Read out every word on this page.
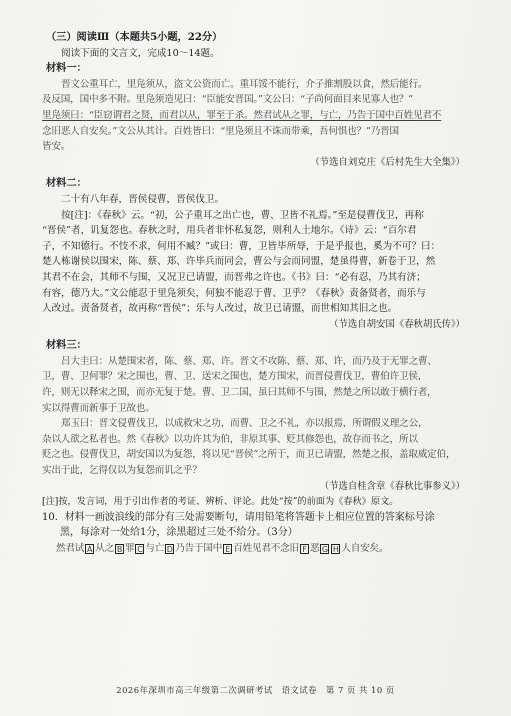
（三）阅读Ⅲ（本题共5小题，22分）
阅读下面的文言文，完成10～14题。
材料一：
晋文公重耳亡，里凫须从，盗文公资而亡。重耳馁不能行，介子推割股以食，然后能行。
及反国，国中多不附。里凫须造见曰：“臣能安晋国。”文公曰：“子尚何面目来见寡人也？”
里凫须曰：“臣窃谓君之贤，而君以从，罪至于杀。然君试从之罪，与亡，乃告于国中百姓见君不
念旧恶人自安矣。”文公从其计。百姓皆曰：“里凫须且不诛而带乘，吾何惧也？”乃晋国
皆安。
（节选自刘克庄《后村先生大全集》）
材料二：
二十有八年春，晋侯侵曹，晋侯伐卫。
按[注]：《春秋》云。“初，公子重耳之出亡也，曹、卫皆不礼焉。”至是侵曹伐卫，再称
“晋侯”者，讥复怨也。春秋之时，用兵者非怀私复怨，则利人土地尔。《诗》云：“百尔君
子，不知德行。不忮不求，何用不臧？”或曰：曹，卫皆毕所辱，于是乎报也，奚为不可？曰：
楚人栋谢侯以围宋，陈、蔡、郑、许毕兵而同会，曹公与会而同盟，楚虽得曹，新卷于卫，然
其君不在会，其师不与围，又况卫已请盟，而晋弗之许也。《书》曰：“必有忍，乃其有济；
有容，德乃大。”文公能忍于里凫须矣，何独不能忍于曹、卫乎？《春秋》责备贤者，而乐与
人改过。责备贤者，故再称“晋侯”；乐与人改过，故卫已请盟，而世相知其旧之也。
（节选自胡安国《春秋胡氏传》）
材料三：
吕大圭曰：从楚围宋者，陈、蔡、郑、许。晋文不攻陈、蔡、郑、许，而乃及于无罪之曹、
卫，曹、卫何罪？宋之围也，曹、卫、送宋之围也，楚方围宋，而晋侵曹伐卫，曹伯许卫侯，
许，则无以释宋之围，而亦无复于楚。曹、卫二国，虽曰其师不与围，然楚之所以敢于横行者，
实以得曹而新事于卫故也。
郑玉曰：晋文侵曹伐卫，以成救宋之功，而曹、卫之不礼，亦以报焉，所谓假义理之公，
杂以人欲之私者也。然《春秋》以功许其为伯，非原其事、贬其修怨也，故存而书之，所以
贬之也。侵曹伐卫，胡安国以为复怨，将以见“晋侯”之所于，而卫已请盟，然楚之报，盖取威定伯，
实出于此，乞得仅以为复怨而讥之乎？
（节选自桂含章《春秋比事参义》）
[注]按，发言词，用于引出作者的考证、辨析、评论。此处“按”的前面为《春秋》原文。
10．材料一画波浪线的部分有三处需要断句，请用铅笔将答题卡上相应位置的答案标号涂
黑，每涂对一处给1分，涂黑超过三处不给分。（3分）
然君试 A 从之 B 罪 C 与亡 D 乃告于国中 E 百姓见君不念旧 F 恶 G H 人自安矣。
2026年深圳市高三年级第二次调研考试　语文试卷　第 7 页 共 10 页
